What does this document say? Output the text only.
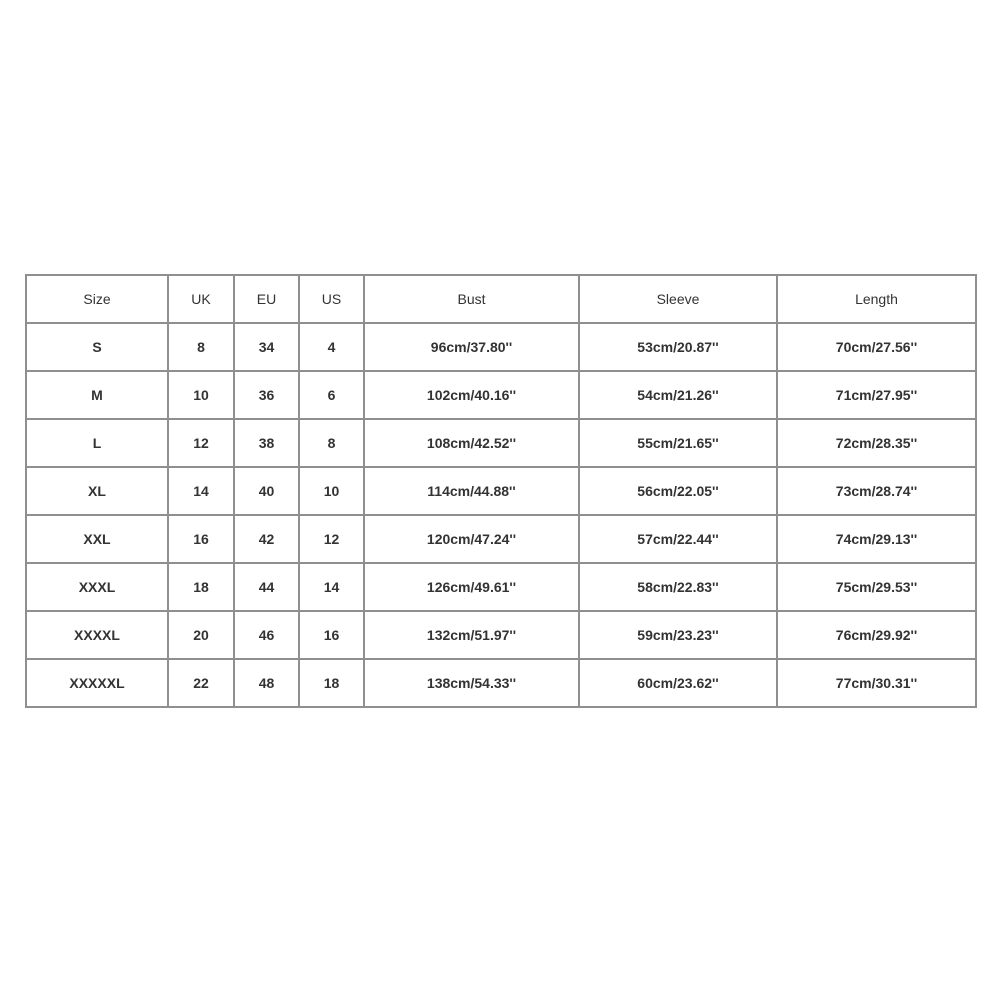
Size	UK	EU	US	Bust	Sleeve	Length
S	8	34	4	96cm/37.80''	53cm/20.87''	70cm/27.56''
M	10	36	6	102cm/40.16''	54cm/21.26''	71cm/27.95''
L	12	38	8	108cm/42.52''	55cm/21.65''	72cm/28.35''
XL	14	40	10	114cm/44.88''	56cm/22.05''	73cm/28.74''
XXL	16	42	12	120cm/47.24''	57cm/22.44''	74cm/29.13''
XXXL	18	44	14	126cm/49.61''	58cm/22.83''	75cm/29.53''
XXXXL	20	46	16	132cm/51.97''	59cm/23.23''	76cm/29.92''
XXXXXL	22	48	18	138cm/54.33''	60cm/23.62''	77cm/30.31''
